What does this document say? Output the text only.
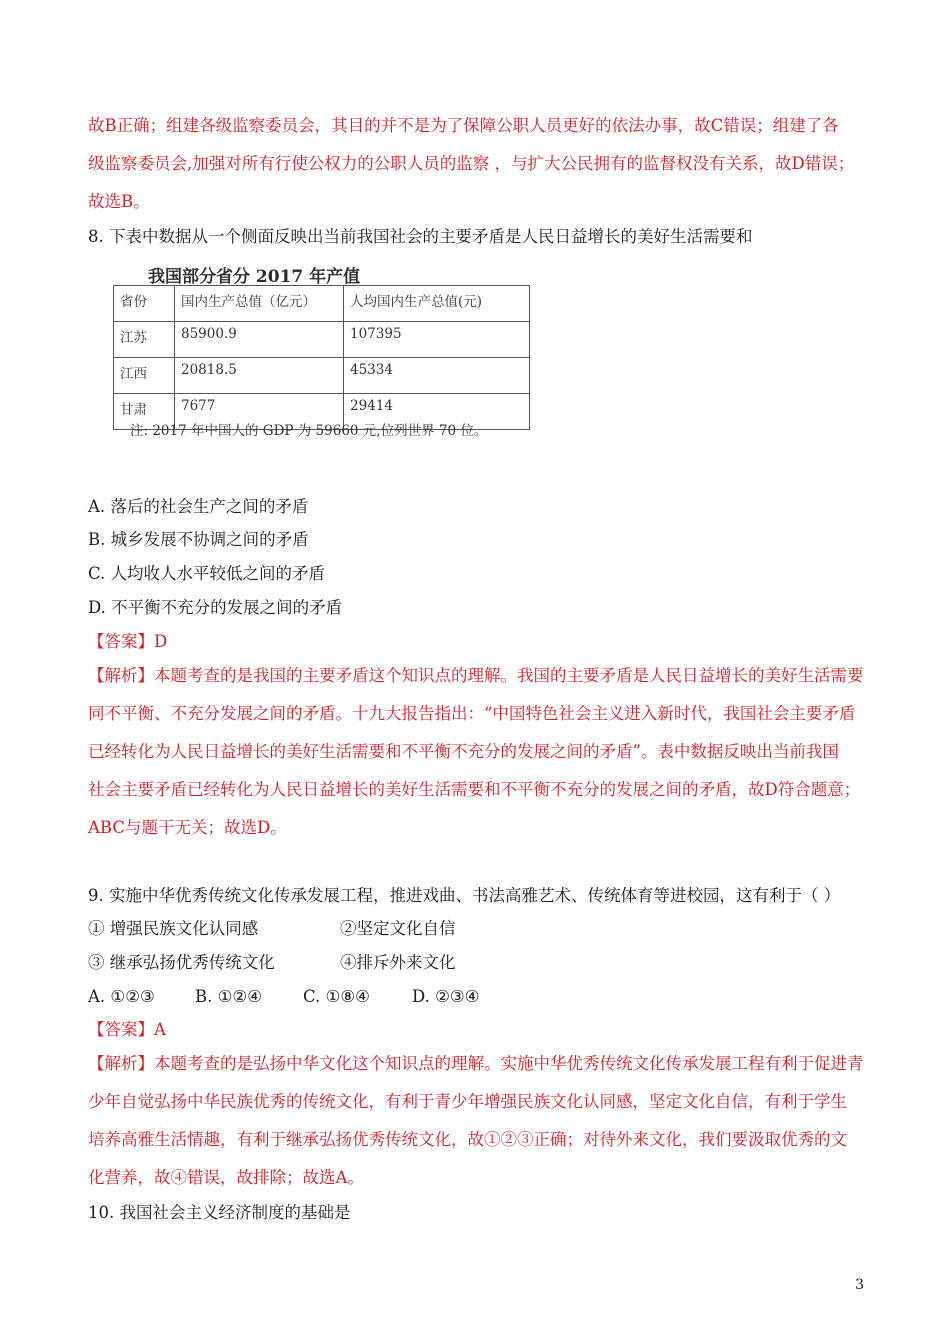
故B正确；组建各级监察委员会，其目的并不是为了保障公职人员更好的依法办事，故C错误；组建了各
级监察委员会,加强对所有行使公权力的公职人员的监察 ，与扩大公民拥有的监督权没有关系，故D错误；
故选B。
8. 下表中数据从一个侧面反映出当前我国社会的主要矛盾是人民日益增长的美好生活需要和
我国部分省分 2017 年产值
省份	国内生产总值（亿元）	人均国内生产总值(元)
江苏	85900.9	107395
江西	20818.5	45334
甘肃	7677	29414
注: 2017 年中国人的 GDP 为 59660 元,位列世界 70 位。
A. 落后的社会生产之间的矛盾
B. 城乡发展不协调之间的矛盾
C. 人均收人水平较低之间的矛盾
D. 不平衡不充分的发展之间的矛盾
【答案】D
【解析】本题考查的是我国的主要矛盾这个知识点的理解。我国的主要矛盾是人民日益增长的美好生活需要
同不平衡、不充分发展之间的矛盾。十九大报告指出：“中国特色社会主义进入新时代，我国社会主要矛盾
已经转化为人民日益增长的美好生活需要和不平衡不充分的发展之间的矛盾”。表中数据反映出当前我国
社会主要矛盾已经转化为人民日益增长的美好生活需要和不平衡不充分的发展之间的矛盾，故D符合题意；
ABC与题干无关；故选D。
9. 实施中华优秀传统文化传承发展工程，推进戏曲、书法高雅艺术、传统体育等进校园，这有利于（ ）
① 增强民族文化认同感	②坚定文化自信
③ 继承弘扬优秀传统文化	④排斥外来文化
A. ①②③ B. ①②④ C. ①⑧④	D. ②③④
【答案】A
【解析】本题考查的是弘扬中华文化这个知识点的理解。实施中华优秀传统文化传承发展工程有利于促进青
少年自觉弘扬中华民族优秀的传统文化，有利于青少年增强民族文化认同感，坚定文化自信，有利于学生
培养高雅生活情趣，有利于继承弘扬优秀传统文化，故①②③正确；对待外来文化，我们要汲取优秀的文
化营养，故④错误，故排除；故选A。
10. 我国社会主义经济制度的基础是
3
